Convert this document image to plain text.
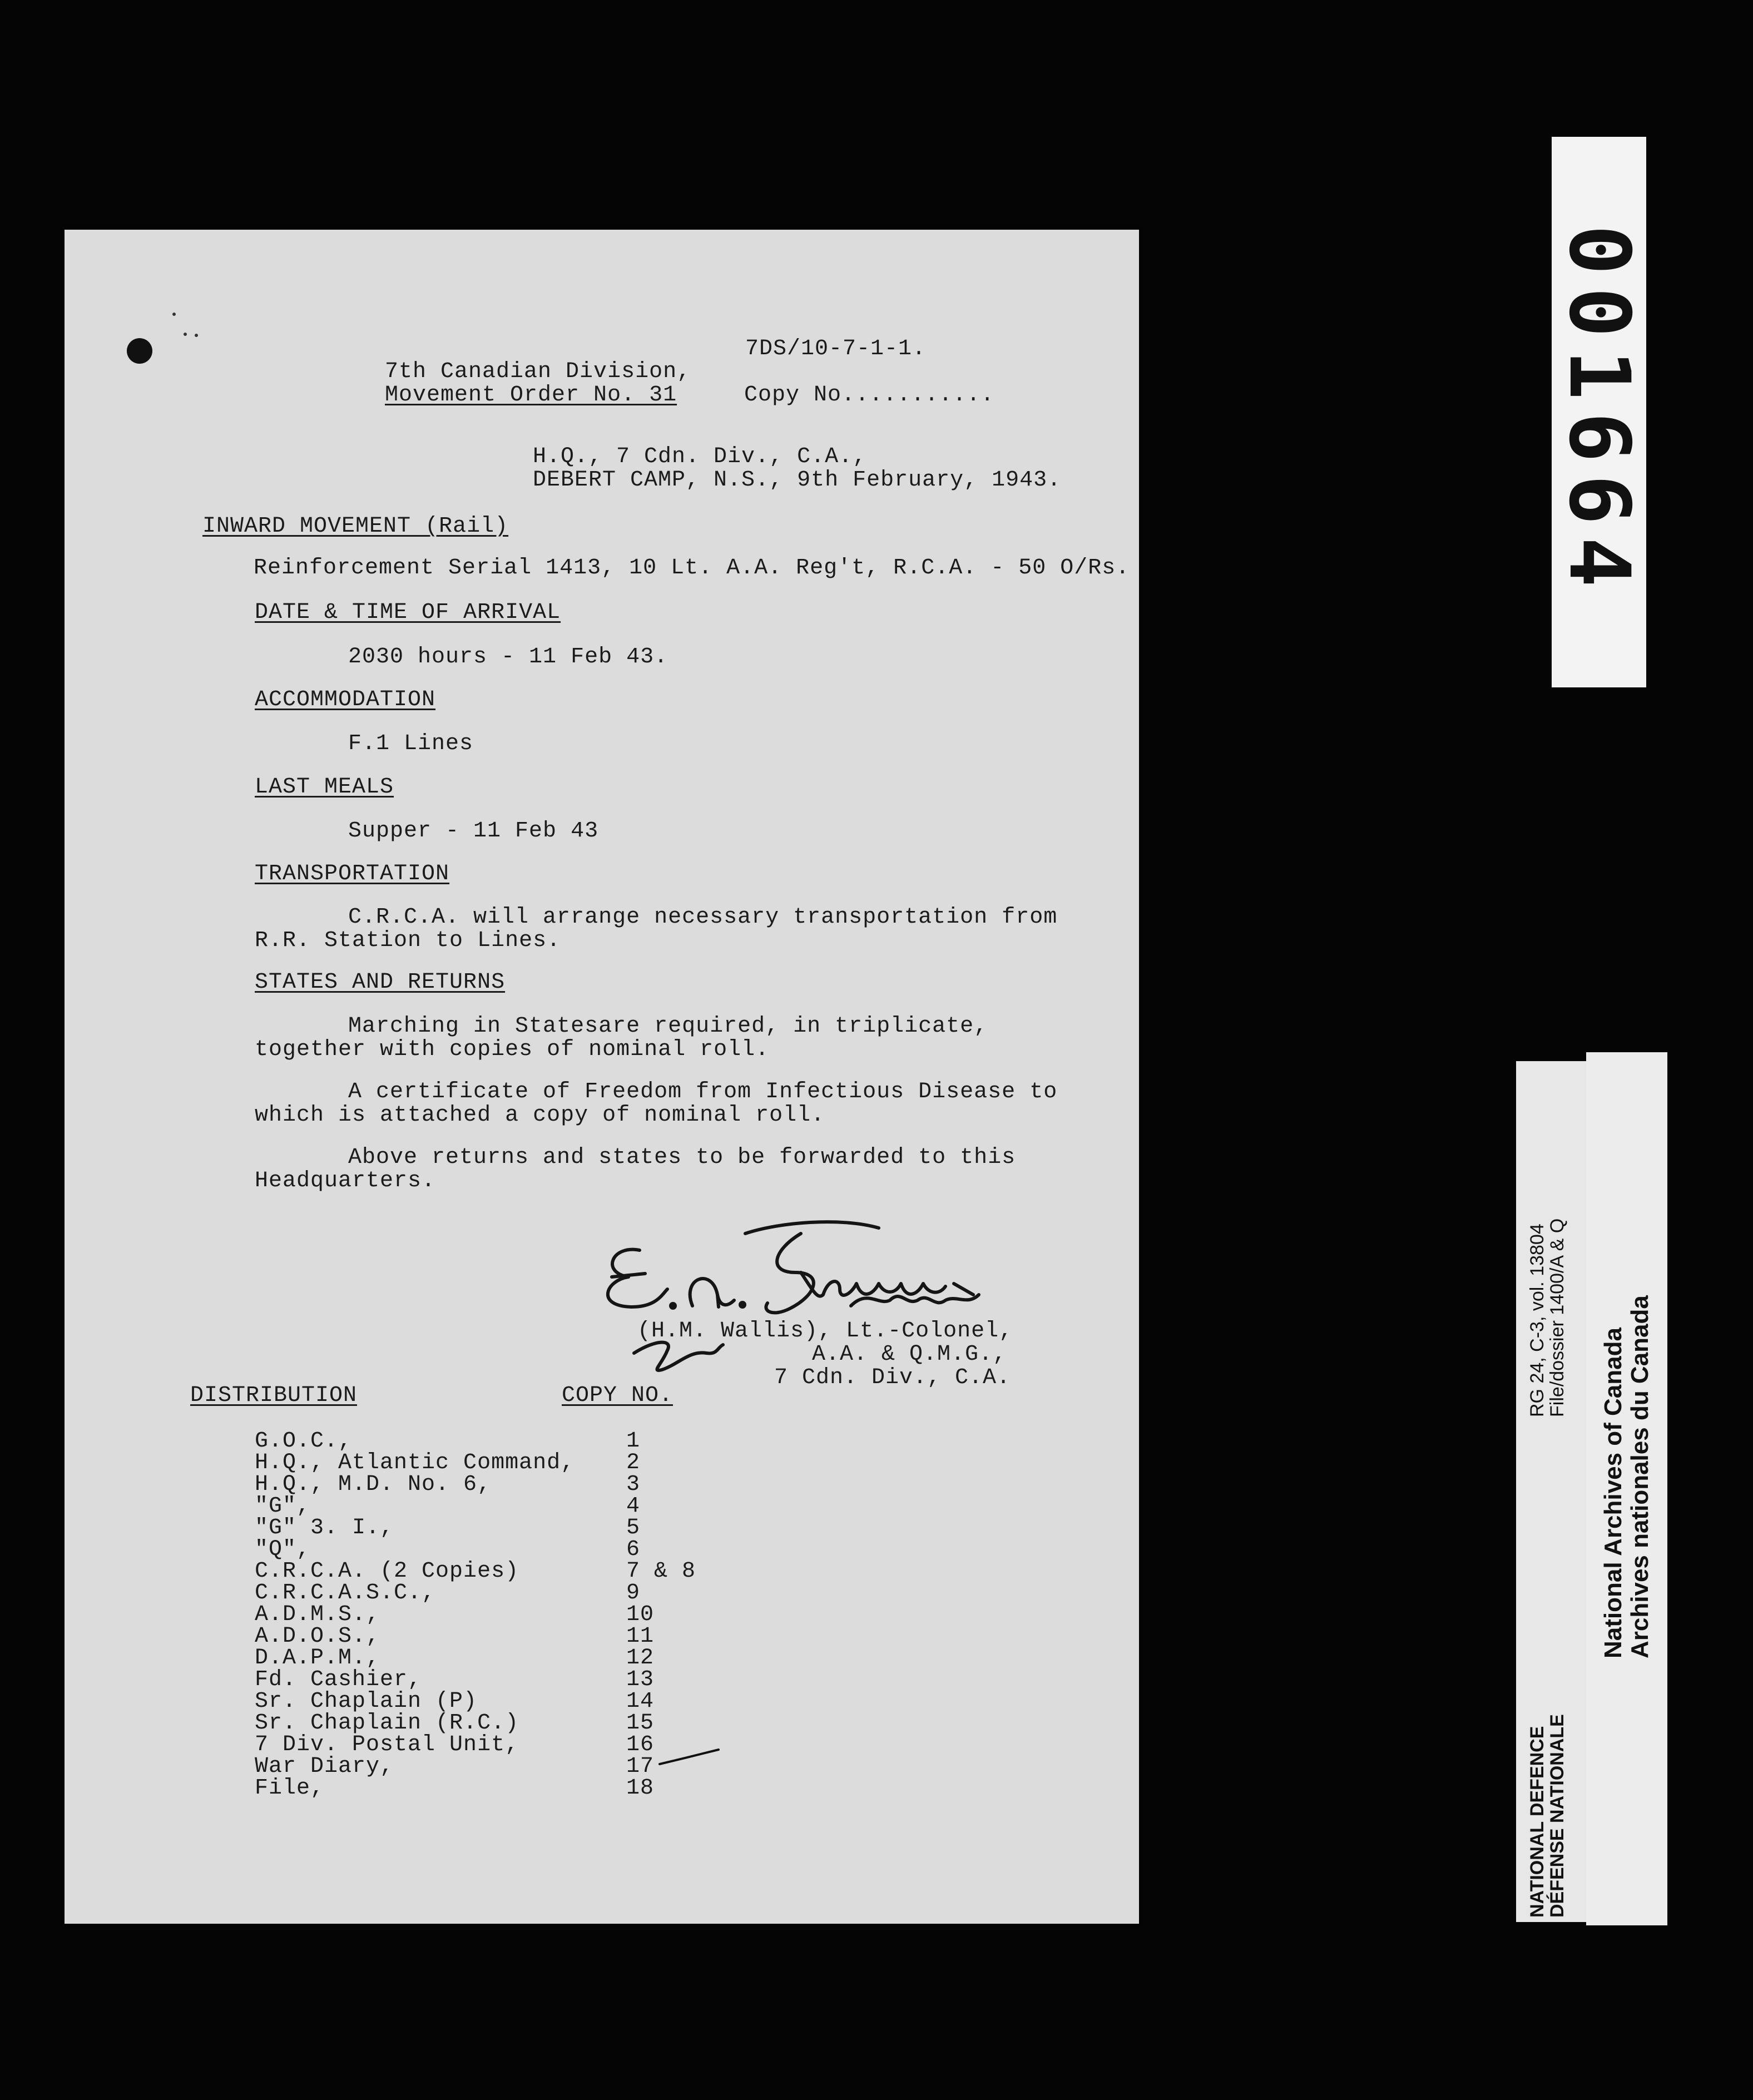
7DS/10-7-1-1.
7th Canadian Division,
Movement Order No. 31	Copy No...........
H.Q., 7 Cdn. Div., C.A.,
DEBERT CAMP, N.S., 9th February, 1943.
INWARD MOVEMENT (Rail)
Reinforcement Serial 1413, 10 Lt. A.A. Reg't, R.C.A. - 50 O/Rs.
DATE & TIME OF ARRIVAL
2030 hours - 11 Feb 43.
ACCOMMODATION
F.1 Lines
LAST MEALS
Supper - 11 Feb 43
TRANSPORTATION
C.R.C.A. will arrange necessary transportation from
R.R. Station to Lines.
STATES AND RETURNS
Marching in Statesare required, in triplicate,
together with copies of nominal roll.
A certificate of Freedom from Infectious Disease to
which is attached a copy of nominal roll.
Above returns and states to be forwarded to this
Headquarters.
(H.M. Wallis), Lt.-Colonel,
A.A. & Q.M.G.,
7 Cdn. Div., C.A.
DISTRIBUTION	COPY NO.
G.O.C.,	1
H.Q., Atlantic Command, 2
H.Q., M.D. No. 6,	3
"G",	4
"G" 3. I.,	5
"Q",	6
C.R.C.A. (2 Copies)	7 & 8
C.R.C.A.S.C.,	9
A.D.M.S.,	10
A.D.O.S.,	11
D.A.P.M.,	12
Fd. Cashier,	13
Sr. Chaplain (P)	14
Sr. Chaplain (R.C.)	15
7 Div. Postal Unit,	16
War Diary,	17
File,	18
001664
NATIONAL DEFENCE
DÉFENSE NATIONALE
RG 24, C-3, vol. 13804
File/dossier 1400/A & Q
National Archives of Canada Archives nationales du Canada
